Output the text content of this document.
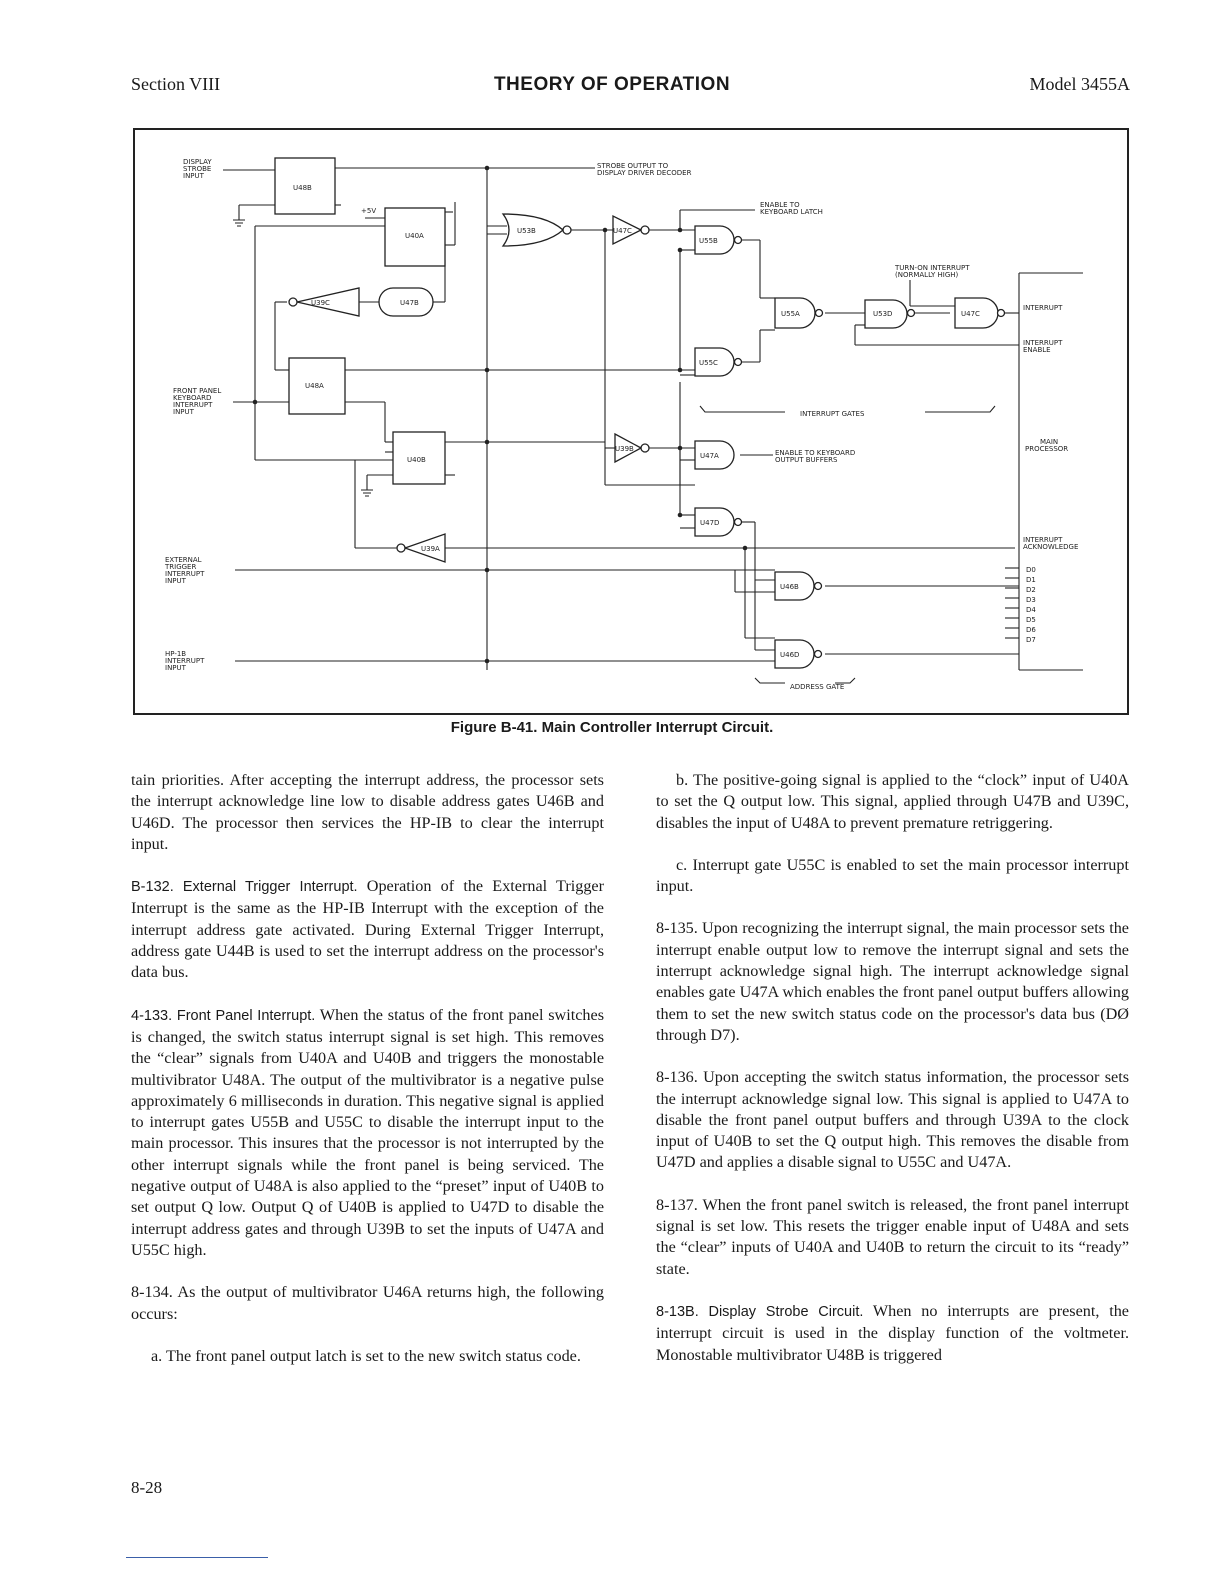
Section VIII	THEORY OF OPERATION	Model 3455A
DISPLAY
STROBE
INPUT
FRONT PANEL
KEYBOARD
INTERRUPT
INPUT
EXTERNAL
TRIGGER
INTERRUPT
INPUT
HP-1B
INTERRUPT
INPUT
STROBE OUTPUT TO
DISPLAY DRIVER DECODER
ENABLE TO
KEYBOARD LATCH
TURN-ON INTERRUPT
(NORMALLY HIGH)
INTERRUPT GATES
ENABLE TO KEYBOARD
OUTPUT BUFFERS
ADDRESS GATE
+5V
MAIN
PROCESSOR
INTERRUPT
INTERRUPT
ENABLE
INTERRUPT
ACKNOWLEDGE
D0
D1
D2
D3
D4
D5
D6
D7
U48B
U40A
U48A
U40B
U47B
U39C
U39A
U47C
U39B
U53B
U55B
U55A
U55C
U53D	U47C
U47A
U47D
U46B
U46D
Figure B-41. Main Controller Interrupt Circuit.

tain priorities. After accepting the interrupt address, the processor sets the interrupt acknowledge line low to disable address gates U46B and U46D. The processor then services the HP-IB to clear the interrupt input.

B-132. External Trigger Interrupt. Operation of the External Trigger Interrupt is the same as the HP-IB Interrupt with the exception of the interrupt address gate activated. During External Trigger Interrupt, address gate U44B is used to set the interrupt address on the processor's data bus.

4-133. Front Panel Interrupt. When the status of the front panel switches is changed, the switch status interrupt signal is set high. This removes the “clear” signals from U40A and U40B and triggers the monostable multivibrator U48A. The output of the multivibrator is a negative pulse approximately 6 milliseconds in duration. This negative signal is applied to interrupt gates U55B and U55C to disable the interrupt input to the main processor. This insures that the processor is not interrupted by the other interrupt signals while the front panel is being serviced. The negative output of U48A is also applied to the “preset” input of U40B to set output Q low. Output Q of U40B is applied to U47D to disable the interrupt address gates and through U39B to set the inputs of U47A and U55C high.

8-134. As the output of multivibrator U46A returns high, the following occurs:

a. The front panel output latch is set to the new switch status code.

b. The positive-going signal is applied to the “clock” input of U40A to set the Q output low. This signal, applied through U47B and U39C, disables the input of U48A to prevent premature retriggering.

c. Interrupt gate U55C is enabled to set the main processor interrupt input.

8-135. Upon recognizing the interrupt signal, the main processor sets the interrupt enable output low to remove the interrupt signal and sets the interrupt acknowledge signal high. The interrupt acknowledge signal enables gate U47A which enables the front panel output buffers allowing them to set the new switch status code on the processor's data bus (DØ through D7).

8-136. Upon accepting the switch status information, the processor sets the interrupt acknowledge signal low. This signal is applied to U47A to disable the front panel output buffers and through U39A to the clock input of U40B to set the Q output high. This removes the disable from U47D and applies a disable signal to U55C and U47A.

8-137. When the front panel switch is released, the front panel interrupt signal is set low. This resets the trigger enable input of U48A and sets the “clear” inputs of U40A and U40B to return the circuit to its “ready” state.

8-13B. Display Strobe Circuit. When no interrupts are present, the interrupt circuit is used in the display function of the voltmeter. Monostable multivibrator U48B is triggered

8-28
